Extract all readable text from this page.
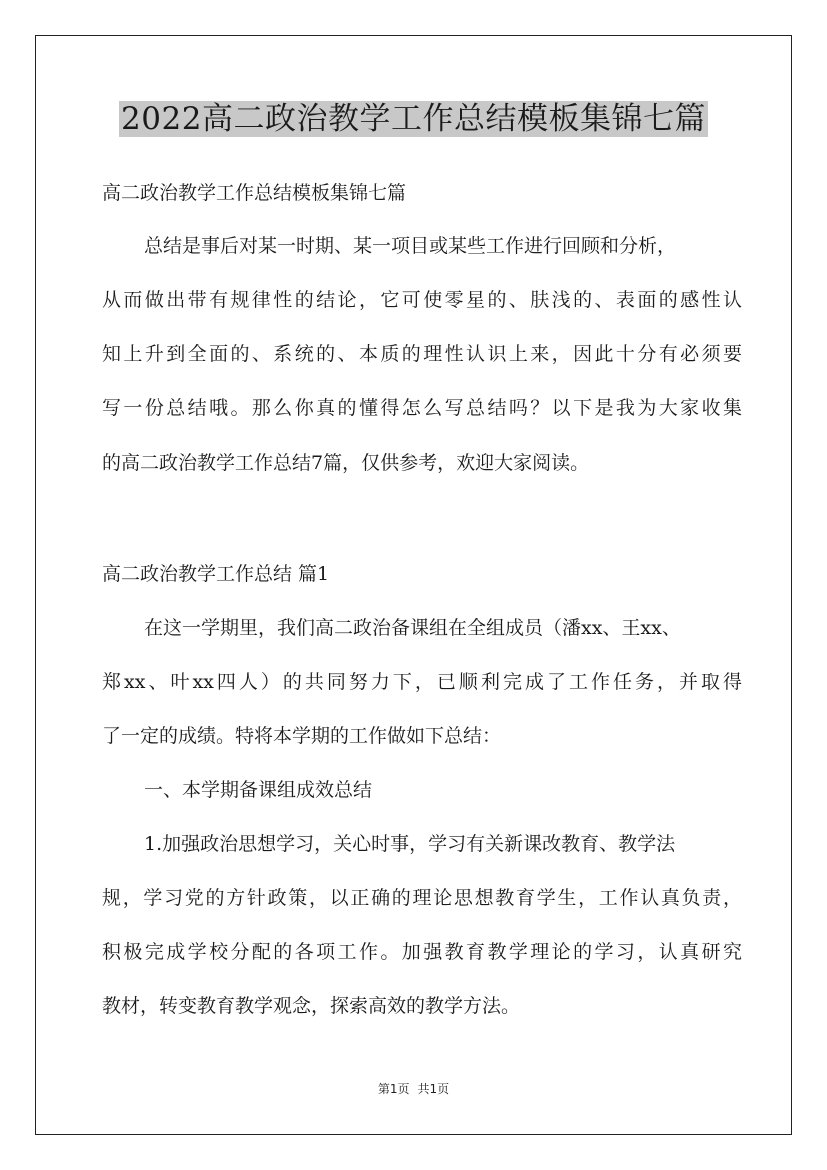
2022高二政治教学工作总结模板集锦七篇

高二政治教学工作总结模板集锦七篇

总结是事后对某一时期、某一项目或某些工作进行回顾和分析，

从而做出带有规律性的结论，它可使零星的、肤浅的、表面的感性认

知上升到全面的、系统的、本质的理性认识上来，因此十分有必须要

写一份总结哦。那么你真的懂得怎么写总结吗？以下是我为大家收集

的高二政治教学工作总结7篇，仅供参考，欢迎大家阅读。

高二政治教学工作总结 篇1

在这一学期里，我们高二政治备课组在全组成员（潘xx、王xx、

郑xx、叶xx四人）的共同努力下，已顺利完成了工作任务，并取得

了一定的成绩。特将本学期的工作做如下总结：

一、本学期备课组成效总结

1.加强政治思想学习，关心时事，学习有关新课改教育、教学法

规，学习党的方针政策，以正确的理论思想教育学生，工作认真负责，

积极完成学校分配的各项工作。加强教育教学理论的学习，认真研究

教材，转变教育教学观念，探索高效的教学方法。

第1页 共1页
